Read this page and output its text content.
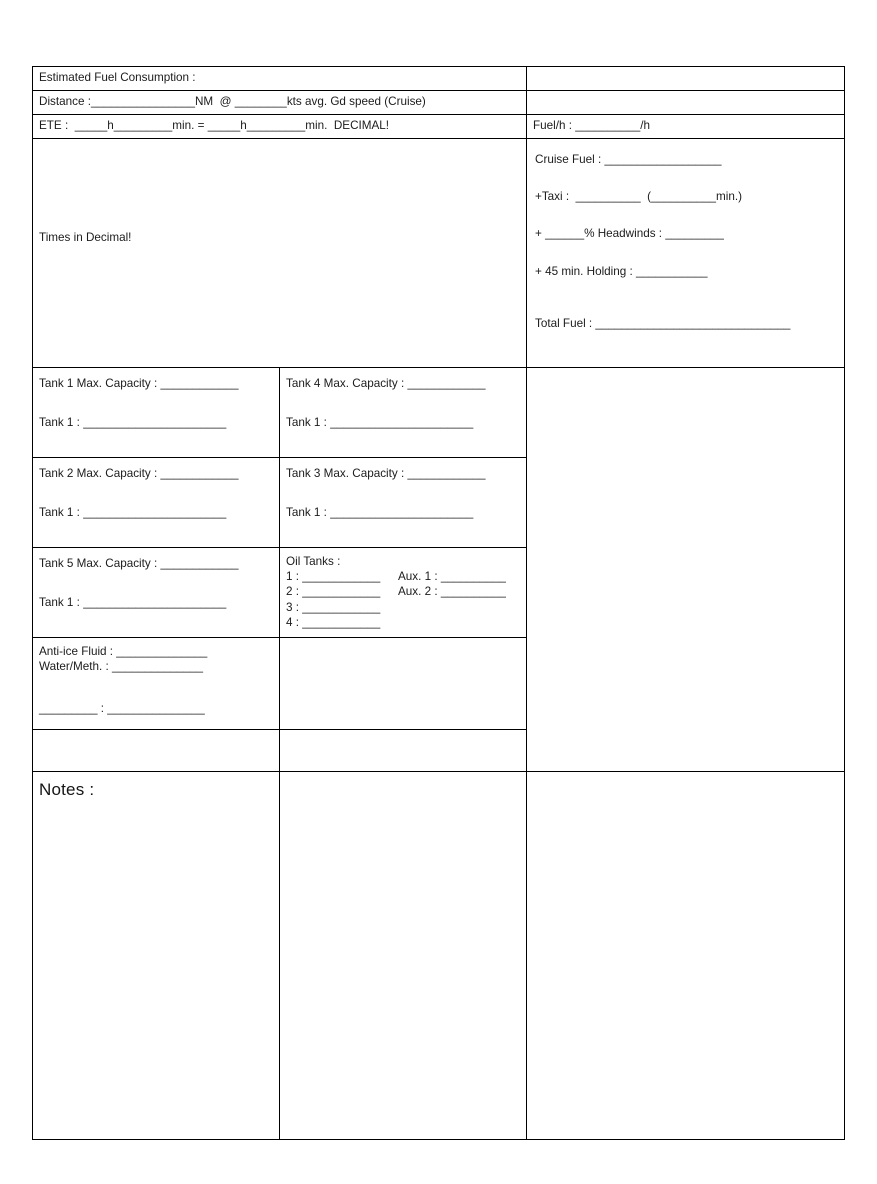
Estimated Fuel Consumption :		
Distance :________________NM @ ________kts avg. Gd speed (Cruise)		
ETE : _____h_________min. = _____h_________min. DECIMAL!		Fuel/h : __________/h

Times in Decimal!		Cruise Fuel : __________________
+Taxi : __________ (__________min.)
+ ______% Headwinds : _________
+ 45 min. Holding : ___________
Total Fuel : ______________________________

Tank 1 Max. Capacity : ____________
Tank 1 : ______________________

Tank 4 Max. Capacity : ____________
Tank 1 : ______________________

Tank 2 Max. Capacity : ____________
Tank 1 : ______________________

Tank 3 Max. Capacity : ____________
Tank 1 : ______________________

Tank 5 Max. Capacity : ____________
Tank 1 : ______________________

Oil Tanks :
1 : ____________ Aux. 1 : __________
2 : ____________ Aux. 2 : __________
3 : ____________
4 : ____________

Anti-ice Fluid : ______________
Water/Meth. : ______________
_________ : _______________		

Notes :		
